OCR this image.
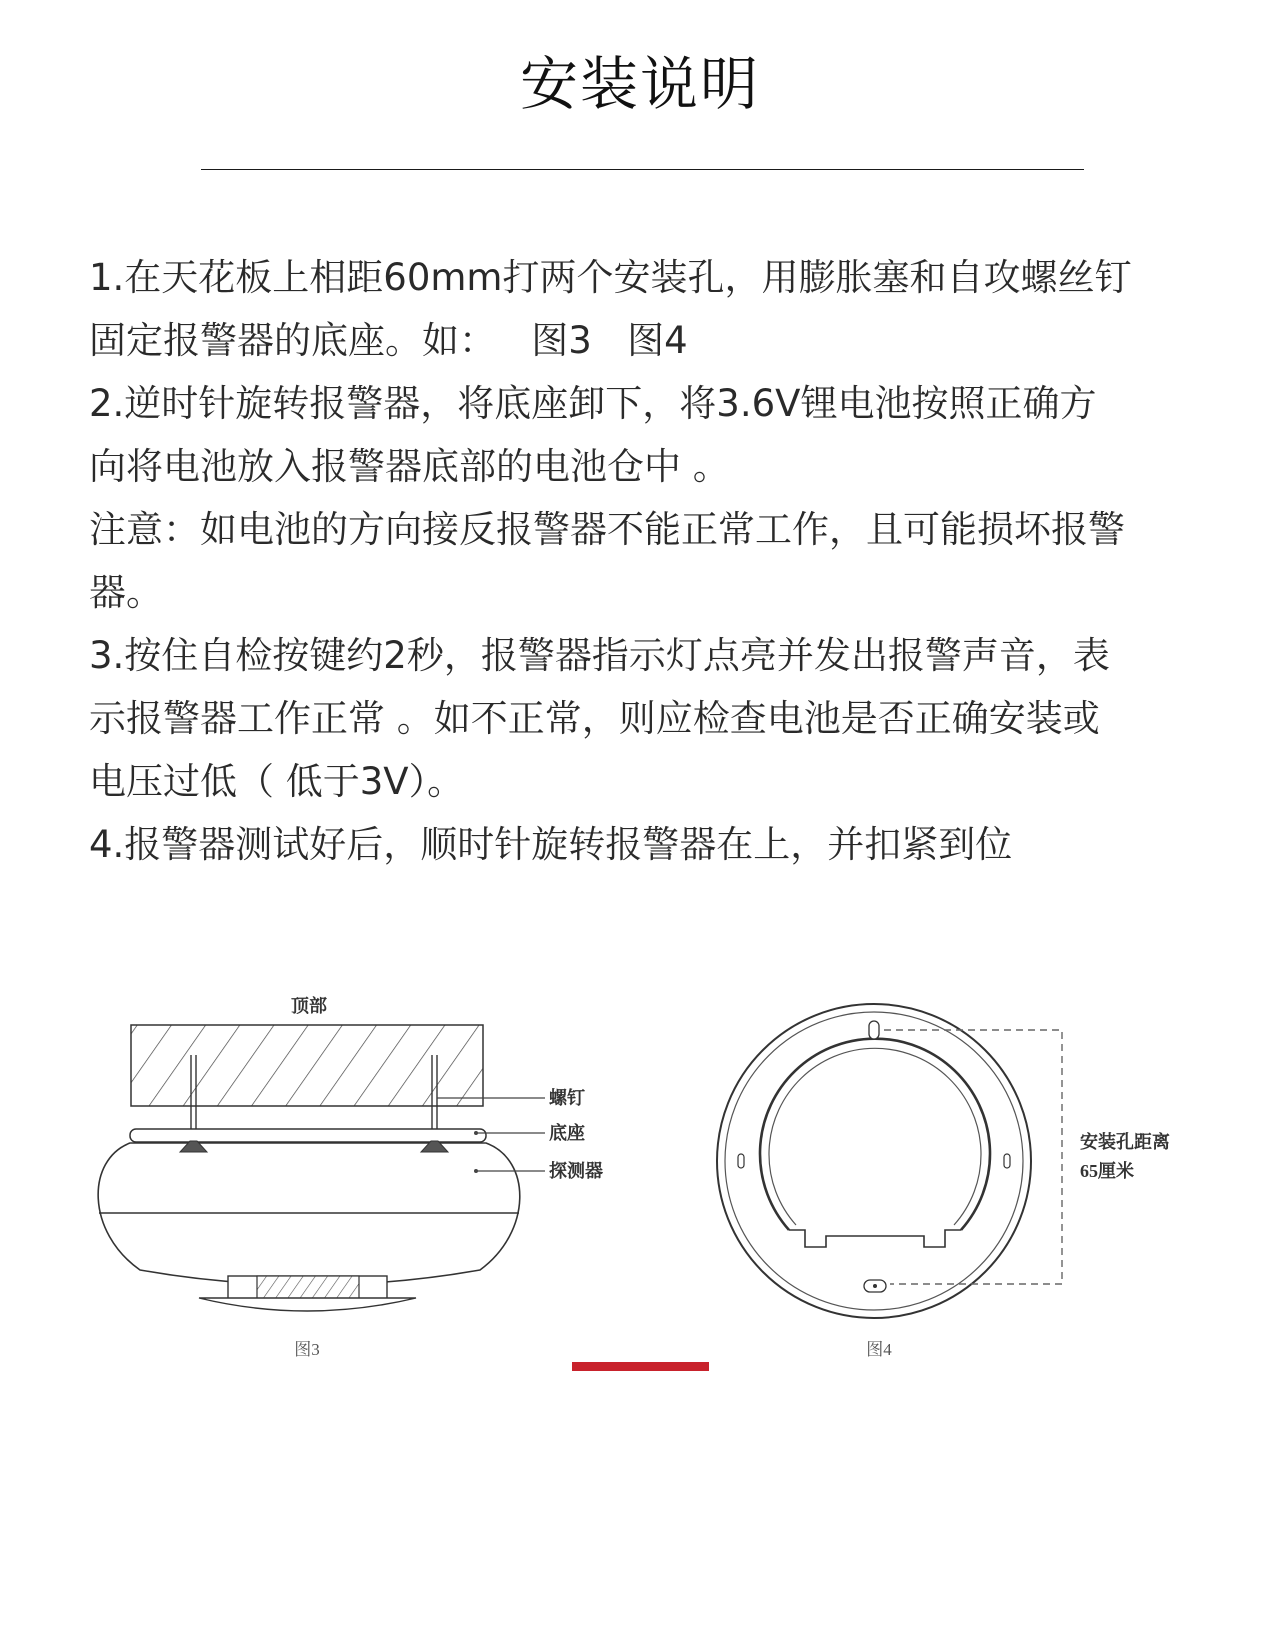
安装说明
1.在天花板上相距60mm打两个安装孔，用膨胀塞和自攻螺丝钉
固定报警器的底座。如：   图3   图4
2.逆时针旋转报警器，将底座卸下，将3.6V锂电池按照正确方
向将电池放入报警器底部的电池仓中 。
注意：如电池的方向接反报警器不能正常工作，且可能损坏报警
器。
3.按住自检按键约2秒，报警器指示灯点亮并发出报警声音，表
示报警器工作正常 。如不正常，则应检查电池是否正确安装或
电压过低（ 低于3V）。
4.报警器测试好后，顺时针旋转报警器在上，并扣紧到位
顶部
螺钉
底座
探测器
图3
安装孔距离
65厘米
图4
